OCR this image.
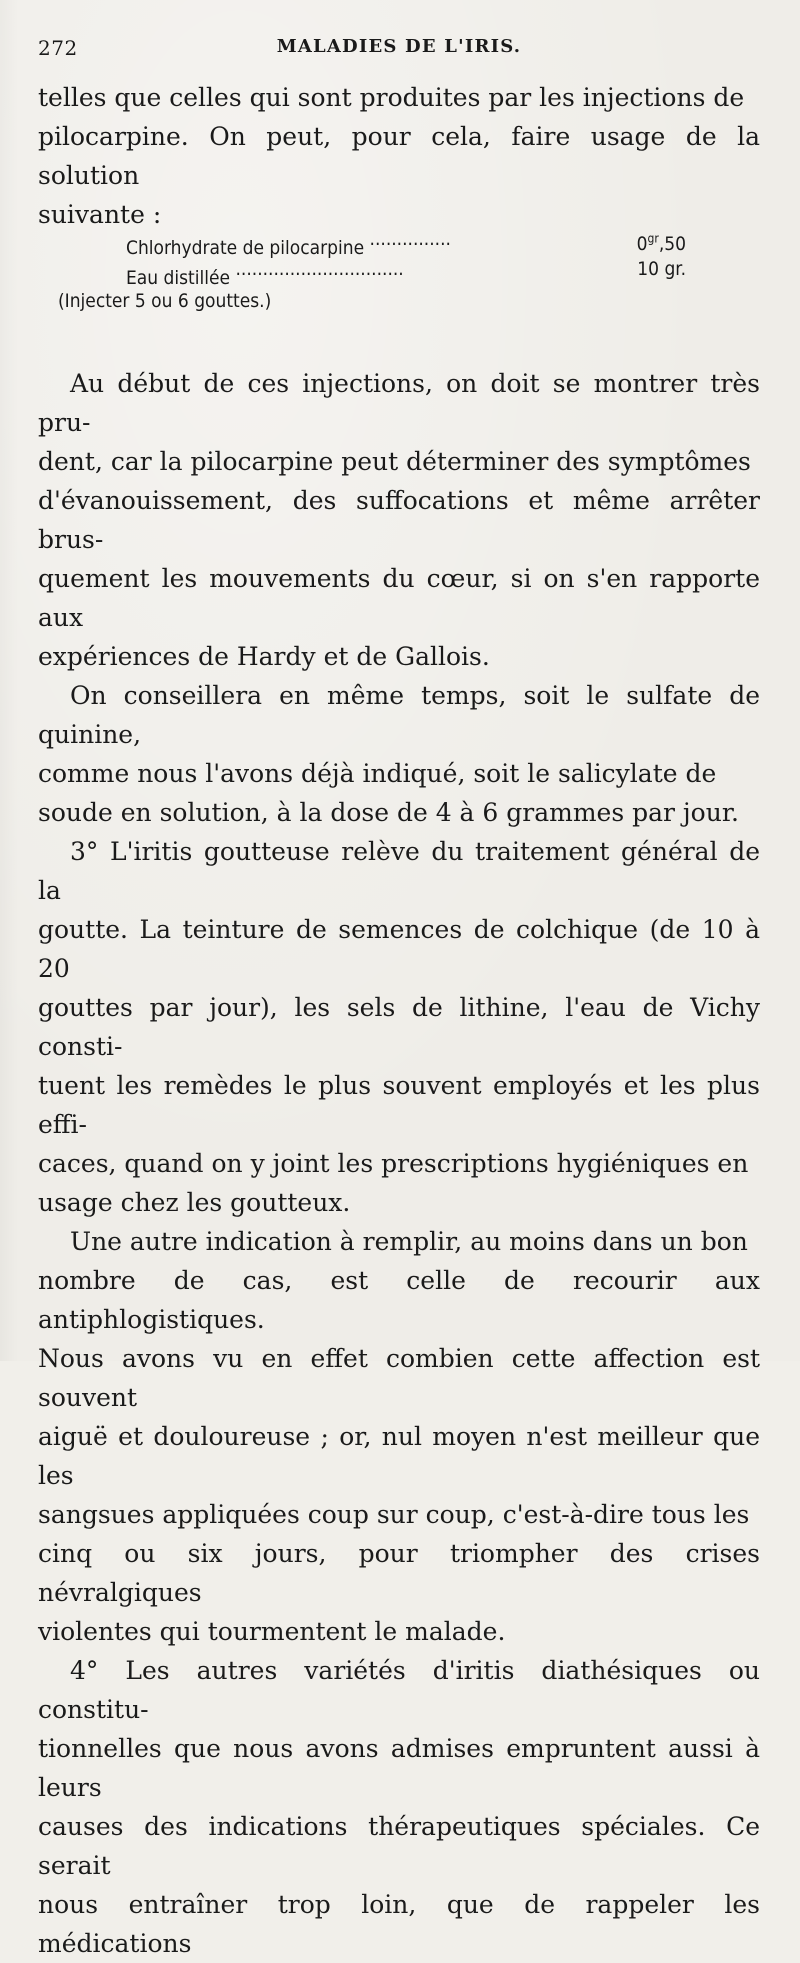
272	MALADIES DE L'IRIS.
telles que celles qui sont produites par les injections de
pilocarpine. On peut, pour cela, faire usage de la solution
suivante :
Chlorhydrate de pilocarpine ...............	$0^{gr},50$
Eau distillée ...............................	10 gr.
(Injecter 5 ou 6 gouttes.)
Au début de ces injections, on doit se montrer très pru-
dent, car la pilocarpine peut déterminer des symptômes
d'évanouissement, des suffocations et même arrêter brus-
quement les mouvements du cœur, si on s'en rapporte aux
expériences de Hardy et de Gallois.
On conseillera en même temps, soit le sulfate de quinine,
comme nous l'avons déjà indiqué, soit le salicylate de
soude en solution, à la dose de 4 à 6 grammes par jour.
3° L'iritis goutteuse relève du traitement général de la
goutte. La teinture de semences de colchique (de 10 à 20
gouttes par jour), les sels de lithine, l'eau de Vichy consti-
tuent les remèdes le plus souvent employés et les plus effi-
caces, quand on y joint les prescriptions hygiéniques en
usage chez les goutteux.
Une autre indication à remplir, au moins dans un bon
nombre de cas, est celle de recourir aux antiphlogistiques.
Nous avons vu en effet combien cette affection est souvent
aiguë et douloureuse ; or, nul moyen n'est meilleur que les
sangsues appliquées coup sur coup, c'est-à-dire tous les
cinq ou six jours, pour triompher des crises névralgiques
violentes qui tourmentent le malade.
4° Les autres variétés d'iritis diathésiques ou constitu-
tionnelles que nous avons admises empruntent aussi à leurs
causes des indications thérapeutiques spéciales. Ce serait
nous entraîner trop loin, que de rappeler les médications
